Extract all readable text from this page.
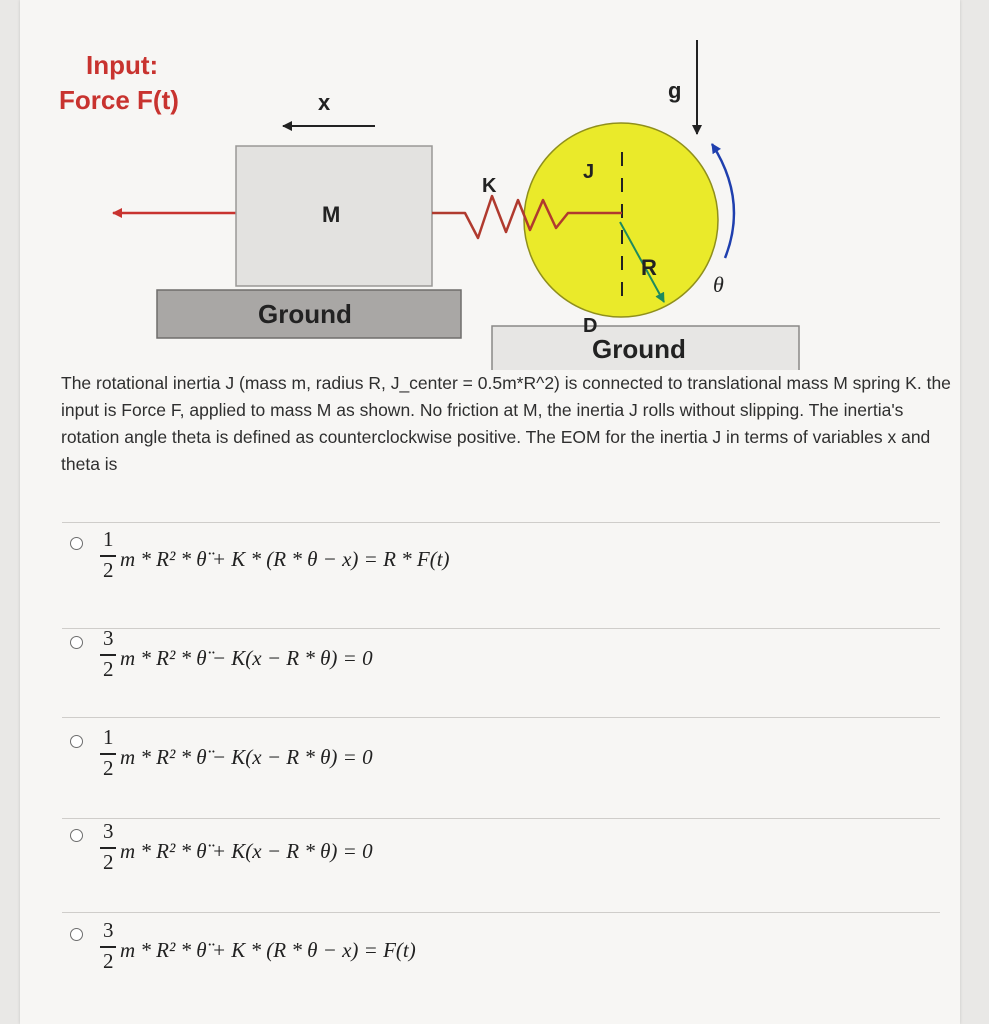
Input:
Force F(t)	x
M
Ground
Ground
J
R
D
K
g
θ
The rotational inertia J (mass m, radius R, J_center = 0.5m*R^2) is connected to translational mass M spring K. the input is Force F, applied to mass M as shown. No friction at M, the inertia J rolls without slipping. The inertia's rotation angle theta is defined as counterclockwise positive. The EOM for the inertia J in terms of variables x and theta is
1
2 m * R² * θ̈ + K * (R * θ − x) = R * F(t)
3
2 m * R² * θ̈ − K(x − R * θ) = 0
1
2 m * R² * θ̈ − K(x − R * θ) = 0
3
2 m * R² * θ̈ + K(x − R * θ) = 0
3
2 m * R² * θ̈ + K * (R * θ − x) = F(t)
